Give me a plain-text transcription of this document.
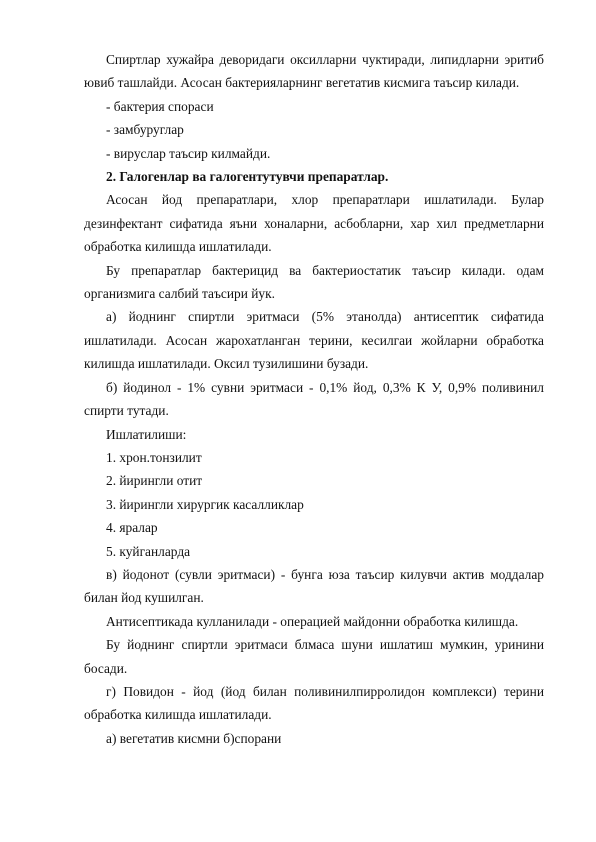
Спиртлар хужайра деворидаги оксилларни чуктиради, липидларни эритиб ювиб ташлайди. Асосан бактерияларнинг вегетатив кисмига таъсир килади.

- бактерия спораси

- замбуруглар

- вируслар таъсир килмайди.

2. Галогенлар ва галогентутувчи препаратлар.

Асосан йод препаратлари, хлор препаратлари ишлатилади. Булар дезинфектант сифатида яъни хоналарни, асбобларни, хар хил предметларни обработка килишда ишлатилади.

Бу препаратлар бактерицид ва бактериостатик таъсир килади. одам организмига салбий таъсири йук.

а) йоднинг спиртли эритмаси (5% этанолда) антисептик сифатида ишлатилади. Асосан жарохатланган терини, кесилгаи жойларни обработка килишда ишлатилади. Оксил тузилишини бузади.

б) йодинол - 1% сувни эритмаси - 0,1% йод, 0,3% К У, 0,9% поливинил спирти тутади.

Ишлатилиши:

1. хрон.тонзилит

2. йирингли отит

3. йирингли хирургик касалликлар

4. яралар

5. куйганларда

в) йодонот (сувли эритмаси) - бунга юза таъсир килувчи актив моддалар билан йод кушилган.

Антисептикада кулланилади - операцией майдонни обработка килишда.

Бу йоднинг спиртли эритмаси блмаса шуни ишлатиш мумкин, уринини босади.

г) Повидон - йод (йод билан поливинилпирролидон комплекси) терини обработка килишда ишлатилади.

а) вегетатив кисмни б)спорани
